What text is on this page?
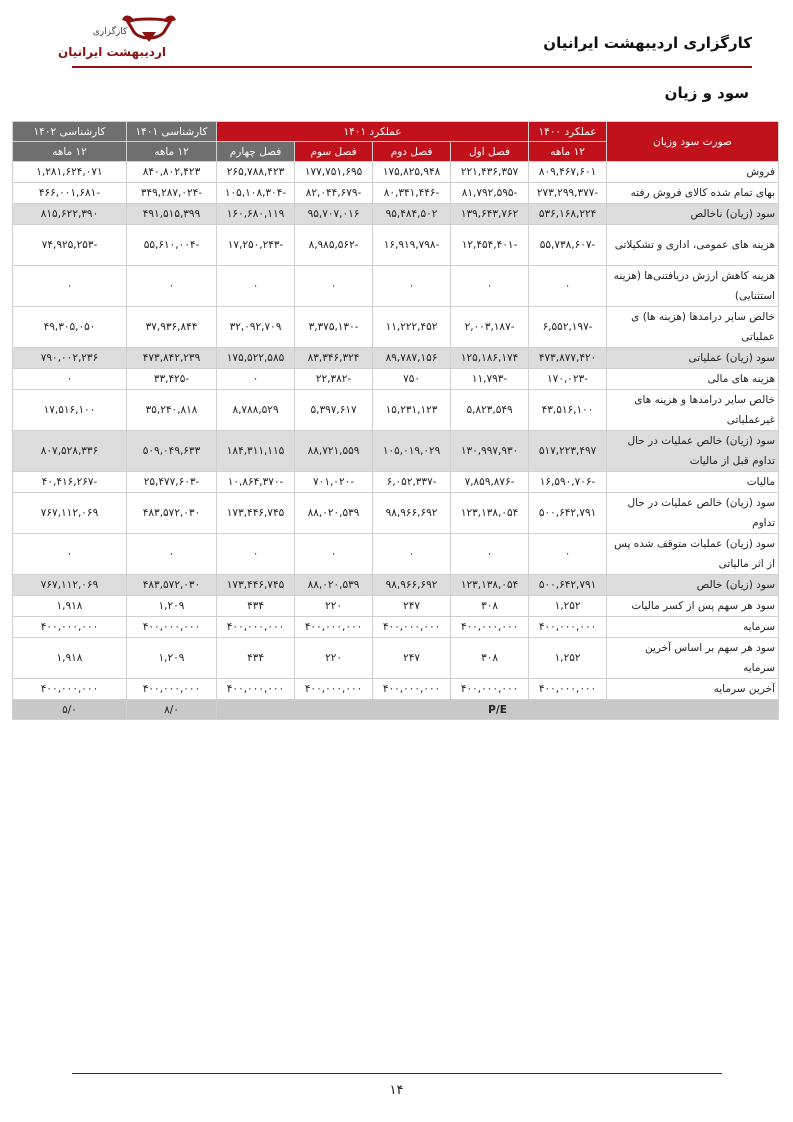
کارگزاری
اردیبهشت ایرانیان	کارگزاری اردیبهشت ایرانیان
سود و زیان
صورت سود وزیان	عملکرد ۱۴۰۰	عملکرد ۱۴۰۱				کارشناسی ۱۴۰۱	کارشناسی ۱۴۰۲
	۱۲ ماهه	فصل اول	فصل دوم	فصل سوم	فصل چهارم	۱۲ ماهه	۱۲ ماهه
فروش	۸۰۹,۴۶۷,۶۰۱	۲۲۱,۴۳۶,۳۵۷	۱۷۵,۸۲۵,۹۴۸	۱۷۷,۷۵۱,۶۹۵	۲۶۵,۷۸۸,۴۲۳	۸۴۰,۸۰۲,۴۲۳	۱,۲۸۱,۶۲۴,۰۷۱
بهای تمام شده کالای فروش رفته	-۲۷۳,۲۹۹,۳۷۷	-۸۱,۷۹۲,۵۹۵	-۸۰,۳۴۱,۴۴۶	-۸۲,۰۴۴,۶۷۹	-۱۰۵,۱۰۸,۳۰۴	-۳۴۹,۲۸۷,۰۲۴	-۴۶۶,۰۰۱,۶۸۱
سود (زیان) ناخالص	۵۳۶,۱۶۸,۲۲۴	۱۳۹,۶۴۳,۷۶۲	۹۵,۴۸۴,۵۰۲	۹۵,۷۰۷,۰۱۶	۱۶۰,۶۸۰,۱۱۹	۴۹۱,۵۱۵,۳۹۹	۸۱۵,۶۲۲,۳۹۰
هزینه های عمومی، اداری و تشکیلاتی	-۵۵,۷۳۸,۶۰۷	-۱۲,۴۵۴,۴۰۱	-۱۶,۹۱۹,۷۹۸	-۸,۹۸۵,۵۶۲	-۱۷,۲۵۰,۲۴۳	-۵۵,۶۱۰,۰۰۴	-۷۴,۹۲۵,۲۵۳
هزینه کاهش ارزش دریافتنی‌ها (هزینه استثنایی)	۰	۰	۰	۰	۰	۰	۰
خالص سایر درامدها (هزینه ها) ی عملیاتی	-۶,۵۵۲,۱۹۷	-۲,۰۰۳,۱۸۷	۱۱,۲۲۲,۴۵۲	-۳,۳۷۵,۱۳۰	۳۲,۰۹۲,۷۰۹	۳۷,۹۳۶,۸۴۴	۴۹,۳۰۵,۰۵۰
سود (زیان) عملیاتی	۴۷۳,۸۷۷,۴۲۰	۱۲۵,۱۸۶,۱۷۴	۸۹,۷۸۷,۱۵۶	۸۳,۳۴۶,۳۲۴	۱۷۵,۵۲۲,۵۸۵	۴۷۳,۸۴۲,۲۳۹	۷۹۰,۰۰۲,۲۳۶
هزینه های مالی	-۱۷۰,۰۲۳	-۱۱,۷۹۳	۷۵۰	-۲۲,۳۸۲	۰	-۳۳,۴۲۵	۰
خالص سایر درامدها و هزینه های غیرعملیاتی	۴۳,۵۱۶,۱۰۰	۵,۸۲۳,۵۴۹	۱۵,۲۳۱,۱۲۳	۵,۳۹۷,۶۱۷	۸,۷۸۸,۵۲۹	۳۵,۲۴۰,۸۱۸	۱۷,۵۱۶,۱۰۰
سود (زیان) خالص عملیات در حال تداوم قبل از مالیات	۵۱۷,۲۲۳,۴۹۷	۱۳۰,۹۹۷,۹۳۰	۱۰۵,۰۱۹,۰۲۹	۸۸,۷۲۱,۵۵۹	۱۸۴,۳۱۱,۱۱۵	۵۰۹,۰۴۹,۶۳۳	۸۰۷,۵۲۸,۳۳۶
مالیات	-۱۶,۵۹۰,۷۰۶	-۷,۸۵۹,۸۷۶	-۶,۰۵۲,۳۳۷	-۷۰۱,۰۲۰	-۱۰,۸۶۴,۳۷۰	-۲۵,۴۷۷,۶۰۳	-۴۰,۴۱۶,۲۶۷
سود (زیان) خالص عملیات در حال تداوم	۵۰۰,۶۴۲,۷۹۱	۱۲۳,۱۳۸,۰۵۴	۹۸,۹۶۶,۶۹۲	۸۸,۰۲۰,۵۳۹	۱۷۳,۴۴۶,۷۴۵	۴۸۳,۵۷۲,۰۳۰	۷۶۷,۱۱۲,۰۶۹
سود (زیان) عملیات متوقف شده پس از اثر مالیاتی	۰	۰	۰	۰	۰	۰	۰
سود (زیان) خالص	۵۰۰,۶۴۲,۷۹۱	۱۲۳,۱۳۸,۰۵۴	۹۸,۹۶۶,۶۹۲	۸۸,۰۲۰,۵۳۹	۱۷۳,۴۴۶,۷۴۵	۴۸۳,۵۷۲,۰۳۰	۷۶۷,۱۱۲,۰۶۹
سود هر سهم پس از کسر مالیات	۱,۲۵۲	۳۰۸	۲۴۷	۲۲۰	۴۳۴	۱,۲۰۹	۱,۹۱۸
سرمایه	۴۰۰,۰۰۰,۰۰۰	۴۰۰,۰۰۰,۰۰۰	۴۰۰,۰۰۰,۰۰۰	۴۰۰,۰۰۰,۰۰۰	۴۰۰,۰۰۰,۰۰۰	۴۰۰,۰۰۰,۰۰۰	۴۰۰,۰۰۰,۰۰۰
سود هر سهم بر اساس آخرین سرمایه	۱,۲۵۲	۳۰۸	۲۴۷	۲۲۰	۴۳۴	۱,۲۰۹	۱,۹۱۸
آخرین سرمایه	۴۰۰,۰۰۰,۰۰۰	۴۰۰,۰۰۰,۰۰۰	۴۰۰,۰۰۰,۰۰۰	۴۰۰,۰۰۰,۰۰۰	۴۰۰,۰۰۰,۰۰۰	۴۰۰,۰۰۰,۰۰۰	۴۰۰,۰۰۰,۰۰۰
P/E						۸/۰	۵/۰
۱۴
